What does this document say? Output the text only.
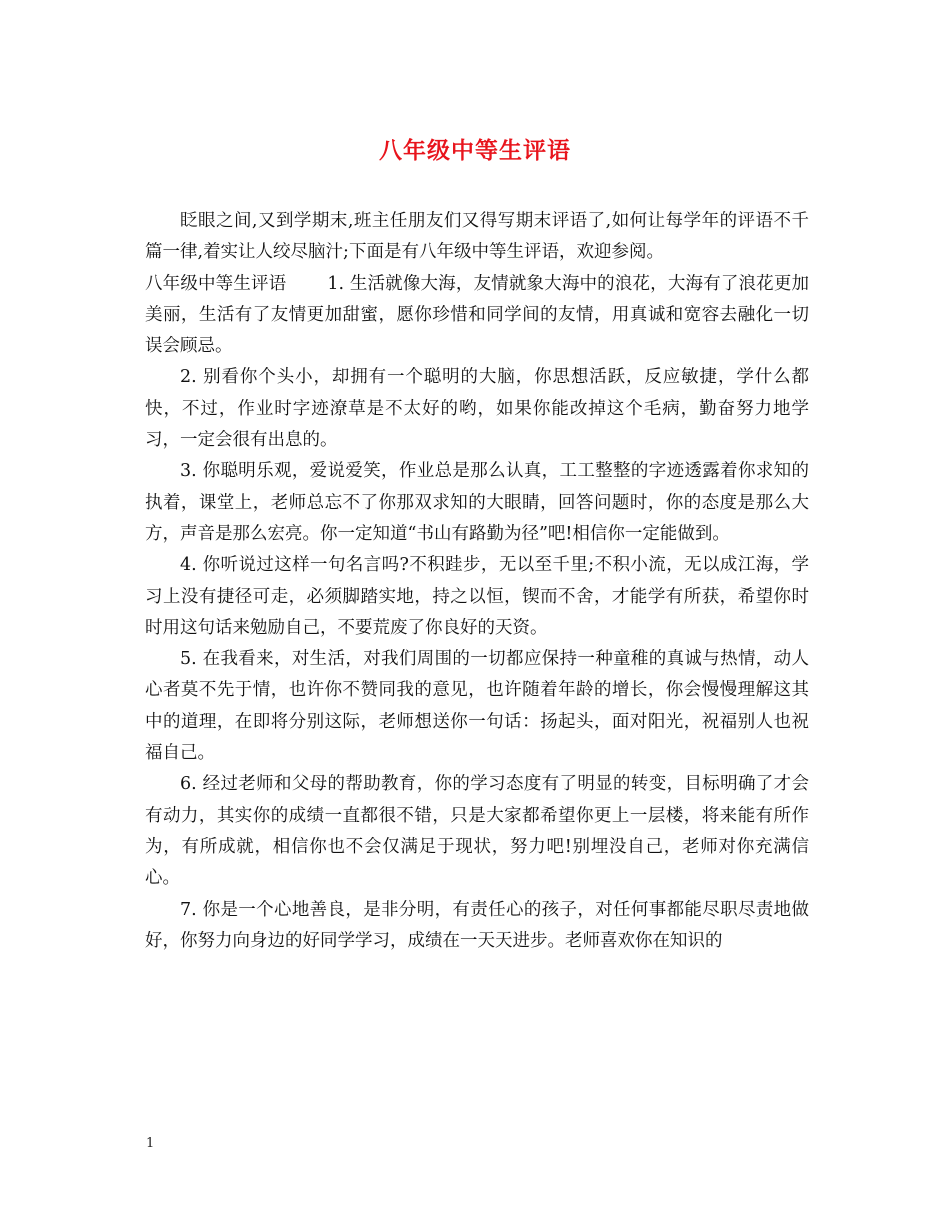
八年级中等生评语

眨眼之间,又到学期末,班主任朋友们又得写期末评语了,如何让每学年的评语不千篇一律,着实让人绞尽脑汁;下面是有八年级中等生评语，欢迎参阅。

八年级中等生评语　　 1. 生活就像大海，友情就象大海中的浪花，大海有了浪花更加美丽，生活有了友情更加甜蜜，愿你珍惜和同学间的友情，用真诚和宽容去融化一切误会顾忌。

2. 别看你个头小，却拥有一个聪明的大脑，你思想活跃，反应敏捷，学什么都快，不过，作业时字迹潦草是不太好的哟，如果你能改掉这个毛病，勤奋努力地学习，一定会很有出息的。

3. 你聪明乐观，爱说爱笑，作业总是那么认真，工工整整的字迹透露着你求知的执着，课堂上，老师总忘不了你那双求知的大眼睛，回答问题时，你的态度是那么大方，声音是那么宏亮。你一定知道“书山有路勤为径”吧!相信你一定能做到。

4. 你听说过这样一句名言吗?不积跬步，无以至千里;不积小流，无以成江海，学习上没有捷径可走，必须脚踏实地，持之以恒，锲而不舍，才能学有所获，希望你时时用这句话来勉励自己，不要荒废了你良好的天资。

5. 在我看来，对生活，对我们周围的一切都应保持一种童稚的真诚与热情，动人心者莫不先于情，也许你不赞同我的意见，也许随着年龄的增长，你会慢慢理解这其中的道理，在即将分别这际，老师想送你一句话：扬起头，面对阳光，祝福别人也祝福自己。

6. 经过老师和父母的帮助教育，你的学习态度有了明显的转变，目标明确了才会有动力，其实你的成绩一直都很不错，只是大家都希望你更上一层楼，将来能有所作为，有所成就，相信你也不会仅满足于现状，努力吧!别埋没自己，老师对你充满信心。

7. 你是一个心地善良，是非分明，有责任心的孩子，对任何事都能尽职尽责地做好，你努力向身边的好同学学习，成绩在一天天进步。老师喜欢你在知识的

1
